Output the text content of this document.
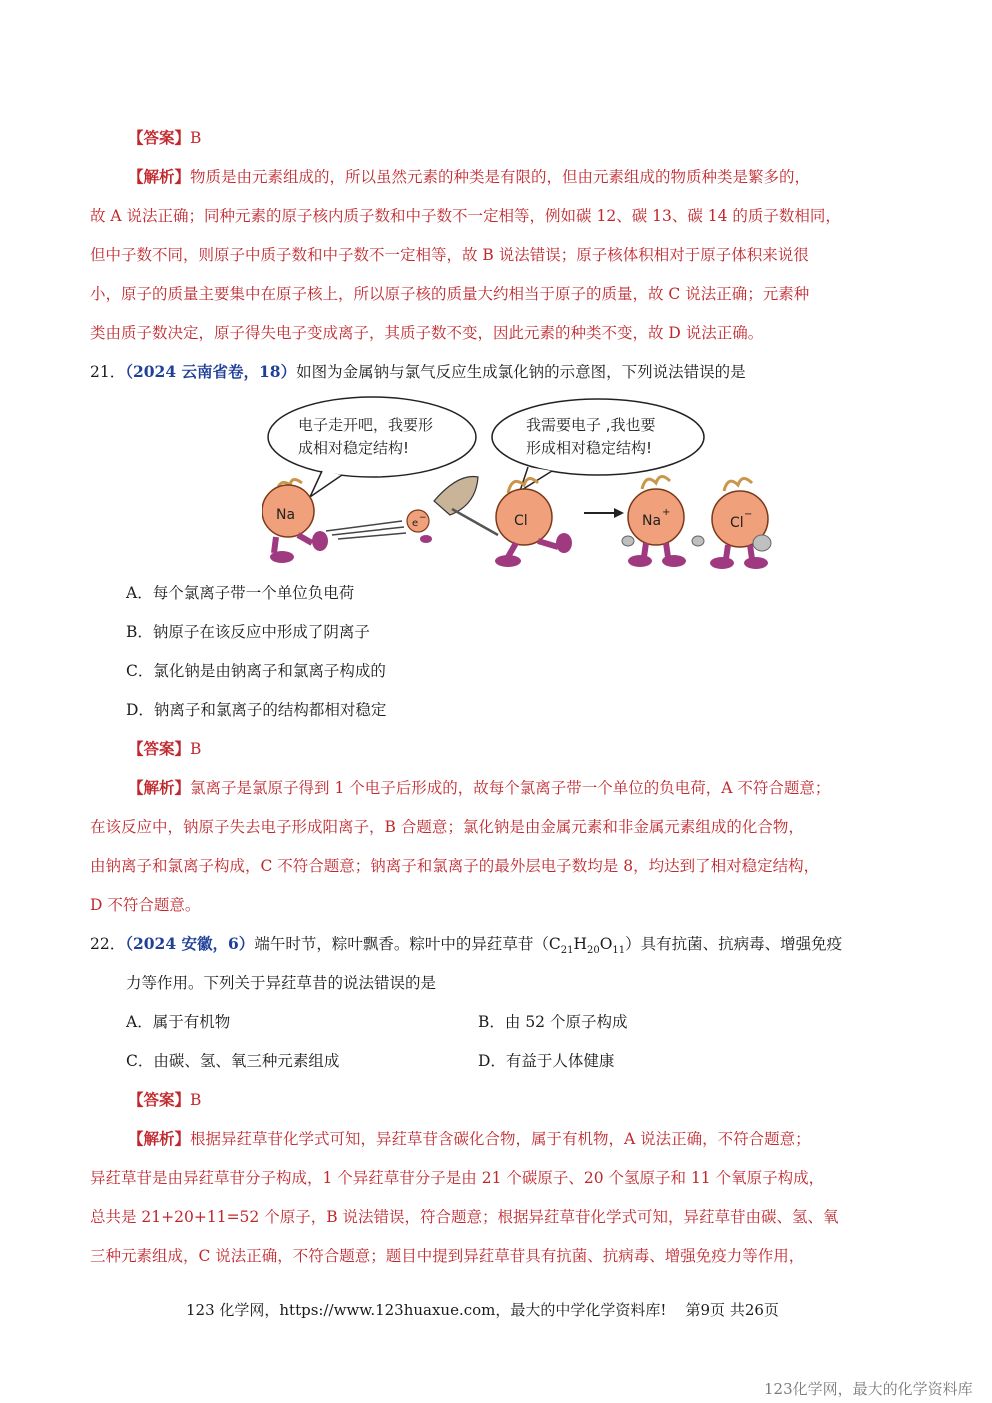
【答案】B
【解析】物质是由元素组成的，所以虽然元素的种类是有限的，但由元素组成的物质种类是繁多的，
故 A 说法正确；同种元素的原子核内质子数和中子数不一定相等，例如碳 12、碳 13、碳 14 的质子数相同，
但中子数不同，则原子中质子数和中子数不一定相等，故 B 说法错误；原子核体积相对于原子体积来说很
小，原子的质量主要集中在原子核上，所以原子核的质量大约相当于原子的质量，故 C 说法正确；元素种
类由质子数决定，原子得失电子变成离子，其质子数不变，因此元素的种类不变，故 D 说法正确。
21．（2024 云南省卷，18）如图为金属钠与氯气反应生成氯化钠的示意图，下列说法错误的是
电子走开吧，我要形
成相对稳定结构!
我需要电子 ,我也要
形成相对稳定结构!
Na
e −	Cl	Na
+
Cl
−
A．每个氯离子带一个单位负电荷
B．钠原子在该反应中形成了阴离子
C．氯化钠是由钠离子和氯离子构成的
D．钠离子和氯离子的结构都相对稳定
【答案】B
【解析】氯离子是氯原子得到 1 个电子后形成的，故每个氯离子带一个单位的负电荷，A 不符合题意；
在该反应中，钠原子失去电子形成阳离子，B 合题意；氯化钠是由金属元素和非金属元素组成的化合物，
由钠离子和氯离子构成，C 不符合题意；钠离子和氯离子的最外层电子数均是 8，均达到了相对稳定结构，
D 不符合题意。
22．（2024 安徽，6）端午时节，粽叶飘香。粽叶中的异荭草苷$(C_{21}H_{20}O_{11})$具有抗菌、抗病毒、增强免疫
力等作用。下列关于异荭草昔的说法错误的是
A．属于有机物	B．由 52 个原子构成
C．由碳、氢、氧三种元素组成	D．有益于人体健康
【答案】B
【解析】根据异荭草苷化学式可知，异荭草苷含碳化合物，属于有机物，A 说法正确，不符合题意；
异荭草苷是由异荭草苷分子构成，1 个异荭草苷分子是由 21 个碳原子、20 个氢原子和 11 个氧原子构成，
总共是 21+20+11=52 个原子，B 说法错误，符合题意；根据异荭草苷化学式可知，异荭草苷由碳、氢、氧
三种元素组成，C 说法正确，不符合题意；题目中提到异荭草苷具有抗菌、抗病毒、增强免疫力等作用，
123 化学网，https://www.123huaxue.com，最大的中学化学资料库! 第9页 共26页
123化学网，最大的化学资料库
